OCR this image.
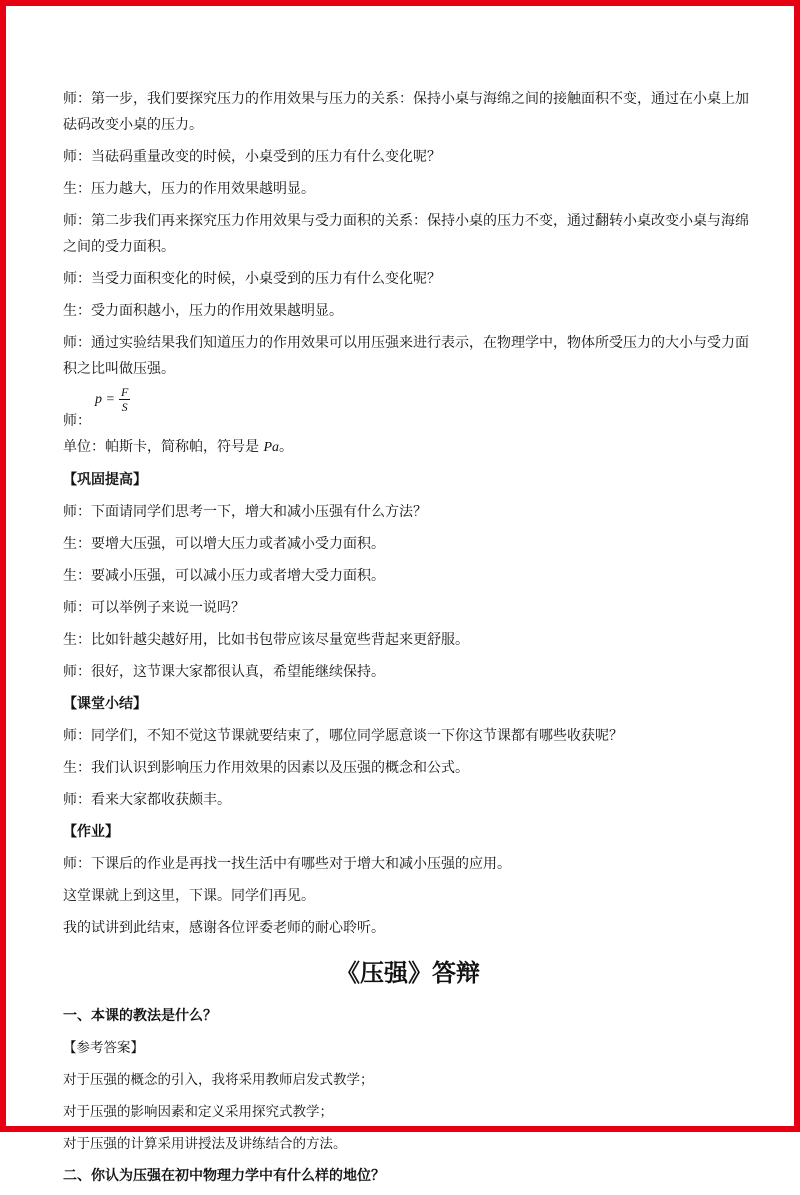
师：第一步，我们要探究压力的作用效果与压力的关系：保持小桌与海绵之间的接触面积不变，通过在小桌上加砝码改变小桌的压力。

师：当砝码重量改变的时候，小桌受到的压力有什么变化呢？

生：压力越大，压力的作用效果越明显。

师：第二步我们再来探究压力作用效果与受力面积的关系：保持小桌的压力不变，通过翻转小桌改变小桌与海绵之间的受力面积。

师：当受力面积变化的时候，小桌受到的压力有什么变化呢？

生：受力面积越小，压力的作用效果越明显。

师：通过实验结果我们知道压力的作用效果可以用压强来进行表示，在物理学中，物体所受压力的大小与受力面积之比叫做压强。

师：
$p = \frac{F}{S}$

单位：帕斯卡，简称帕，符号是 Pa。

【巩固提高】

师：下面请同学们思考一下，增大和减小压强有什么方法？

生：要增大压强，可以增大压力或者减小受力面积。

生：要减小压强，可以减小压力或者增大受力面积。

师：可以举例子来说一说吗？

生：比如针越尖越好用，比如书包带应该尽量宽些背起来更舒服。

师：很好，这节课大家都很认真，希望能继续保持。

【课堂小结】

师：同学们，不知不觉这节课就要结束了，哪位同学愿意谈一下你这节课都有哪些收获呢？

生：我们认识到影响压力作用效果的因素以及压强的概念和公式。

师：看来大家都收获颇丰。

【作业】

师：下课后的作业是再找一找生活中有哪些对于增大和减小压强的应用。

这堂课就上到这里，下课。同学们再见。

我的试讲到此结束，感谢各位评委老师的耐心聆听。

《压强》答辩

一、本课的教法是什么？

【参考答案】

对于压强的概念的引入，我将采用教师启发式教学；

对于压强的影响因素和定义采用探究式教学；

对于压强的计算采用讲授法及讲练结合的方法。

二、你认为压强在初中物理力学中有什么样的地位？
